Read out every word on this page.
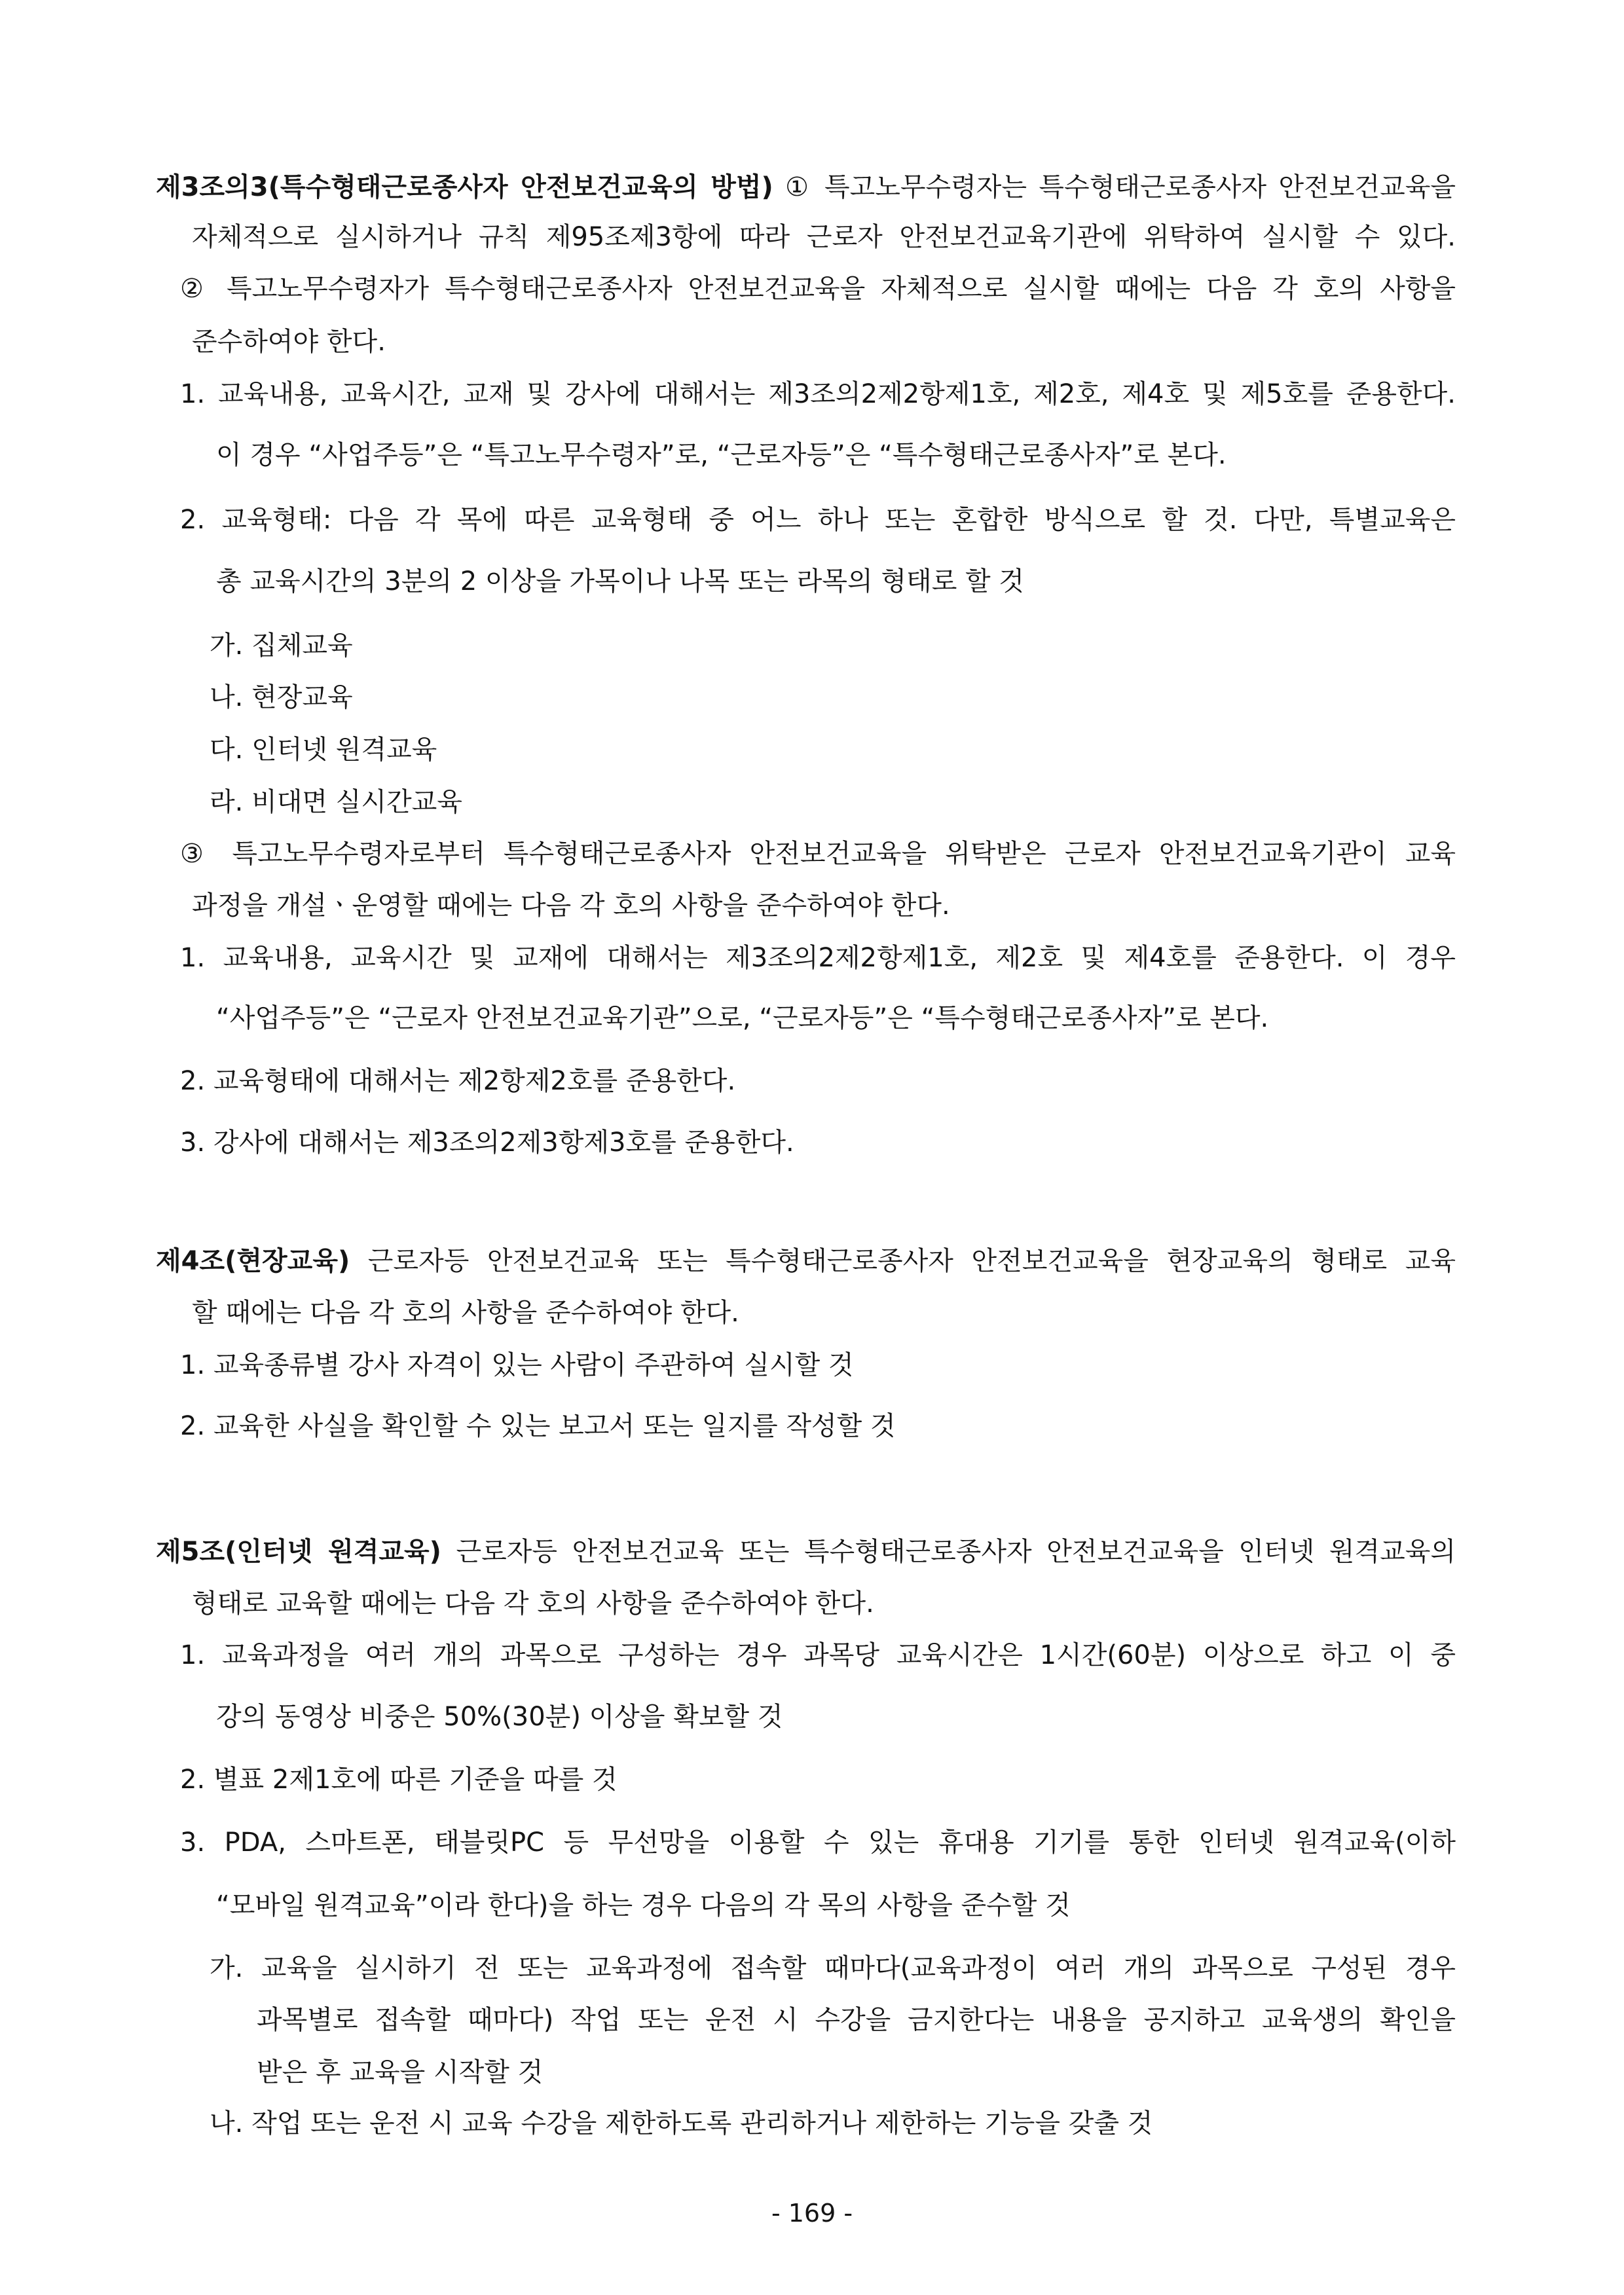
제3조의3(특수형태근로종사자 안전보건교육의 방법) ① 특고노무수령자는 특수형태근로종사자 안전보건교육을
자체적으로 실시하거나 규칙 제95조제3항에 따라 근로자 안전보건교육기관에 위탁하여 실시할 수 있다.
② 특고노무수령자가 특수형태근로종사자 안전보건교육을 자체적으로 실시할 때에는 다음 각 호의 사항을
준수하여야 한다.
1. 교육내용, 교육시간, 교재 및 강사에 대해서는 제3조의2제2항제1호, 제2호, 제4호 및 제5호를 준용한다.
이 경우 “사업주등”은 “특고노무수령자”로, “근로자등”은 “특수형태근로종사자”로 본다.
2. 교육형태: 다음 각 목에 따른 교육형태 중 어느 하나 또는 혼합한 방식으로 할 것. 다만, 특별교육은
총 교육시간의 3분의 2 이상을 가목이나 나목 또는 라목의 형태로 할 것
가. 집체교육
나. 현장교육
다. 인터넷 원격교육
라. 비대면 실시간교육
③ 특고노무수령자로부터 특수형태근로종사자 안전보건교육을 위탁받은 근로자 안전보건교육기관이 교육
과정을 개설ㆍ운영할 때에는 다음 각 호의 사항을 준수하여야 한다.
1. 교육내용, 교육시간 및 교재에 대해서는 제3조의2제2항제1호, 제2호 및 제4호를 준용한다. 이 경우
“사업주등”은 “근로자 안전보건교육기관”으로, “근로자등”은 “특수형태근로종사자”로 본다.
2. 교육형태에 대해서는 제2항제2호를 준용한다.
3. 강사에 대해서는 제3조의2제3항제3호를 준용한다.
제4조(현장교육) 근로자등 안전보건교육 또는 특수형태근로종사자 안전보건교육을 현장교육의 형태로 교육
할 때에는 다음 각 호의 사항을 준수하여야 한다.
1. 교육종류별 강사 자격이 있는 사람이 주관하여 실시할 것
2. 교육한 사실을 확인할 수 있는 보고서 또는 일지를 작성할 것
제5조(인터넷 원격교육) 근로자등 안전보건교육 또는 특수형태근로종사자 안전보건교육을 인터넷 원격교육의
형태로 교육할 때에는 다음 각 호의 사항을 준수하여야 한다.
1. 교육과정을 여러 개의 과목으로 구성하는 경우 과목당 교육시간은 1시간(60분) 이상으로 하고 이 중
강의 동영상 비중은 50%(30분) 이상을 확보할 것
2. 별표 2제1호에 따른 기준을 따를 것
3. PDA, 스마트폰, 태블릿PC 등 무선망을 이용할 수 있는 휴대용 기기를 통한 인터넷 원격교육(이하
“모바일 원격교육”이라 한다)을 하는 경우 다음의 각 목의 사항을 준수할 것
가. 교육을 실시하기 전 또는 교육과정에 접속할 때마다(교육과정이 여러 개의 과목으로 구성된 경우
과목별로 접속할 때마다) 작업 또는 운전 시 수강을 금지한다는 내용을 공지하고 교육생의 확인을
받은 후 교육을 시작할 것
나. 작업 또는 운전 시 교육 수강을 제한하도록 관리하거나 제한하는 기능을 갖출 것
- 169 -
